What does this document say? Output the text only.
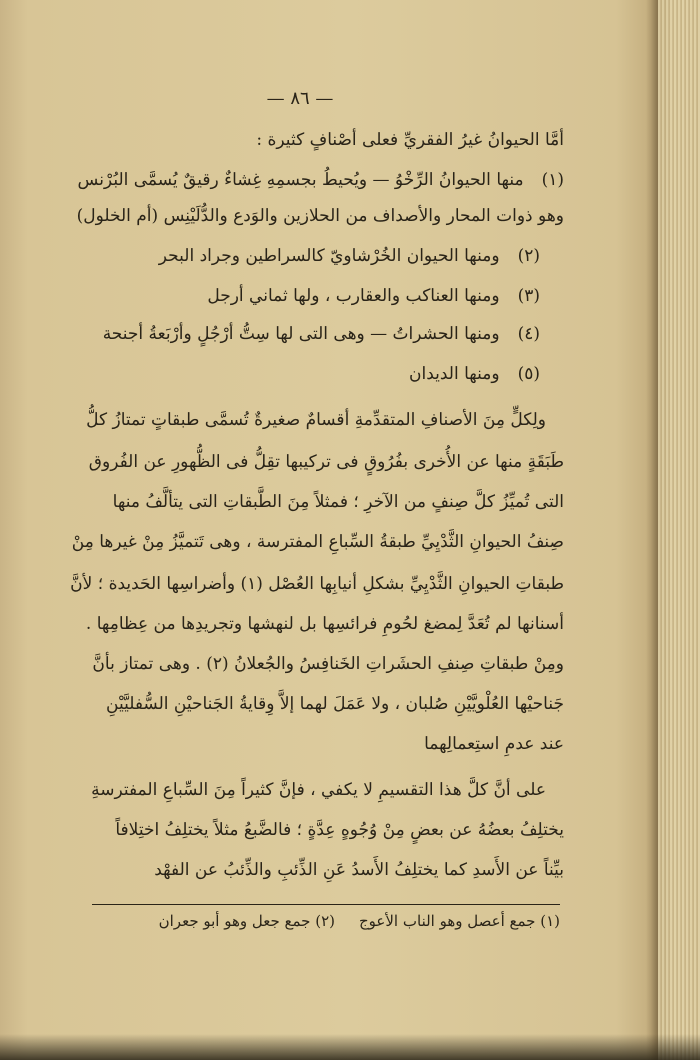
— ٨٦ —
أمَّا الحيوانُ غيرُ الفقريِّ فعلى أصْنافٍ كثيرة :
(١)منها الحيوانُ الرِّخْوُ — ويُحيطُ بجسمِهِ غِشاءٌ رقيقٌ يُسمَّى البُرْنس
وهو ذوات المحار والأصداف من الحلازين والوَدع والدُّلَيْنِس (أم الخلول)
(٢)ومنها الحيوان الخُرْشاويّ كالسراطين وجراد البحر
(٣)ومنها العناكب والعقارب ، ولها ثماني أرجل
(٤)ومنها الحشراتُ — وهى التى لها سِتُّ أرْجُلٍ وأرْبَعةُ أجنحة
(٥)ومنها الديدان
ولِكلٍّ مِنَ الأصنافِ المتقدِّمةِ أقسامٌ صغيرةٌ تُسمَّى طبقاتٍ تمتازُ كلُّ
طَبَقَةٍ منها عن الأُخرى بفُرُوقٍ فى تركيبها تقِلُّ فى الظُّهورِ عن الفُروق
التى تُميِّزُ كلَّ صِنفٍ من الآخرِ ؛ فمثلاً مِنَ الطَّبقاتِ التى يتألَّفُ منها
صِنفُ الحيوانِ الثَّدْيِيِّ طبقةُ السِّباعِ المفترسة ، وهى تَتميَّزُ مِنْ غيرها مِنْ
طبقاتِ الحيوانِ الثَّدْيِيِّ بشكلِ أنيابِها العُصْل (١) وأضراسِها الحَديدة ؛ لأنَّ
أسنانها لم تُعَدَّ لِمضغ لحُومِ فرائسِها بل لنهشها وتجريدِها من عِظامِها .
ومِنْ طبقاتِ صِنفِ الحشَراتِ الخَنافِسُ والجُعلانُ (٢) . وهى تمتاز بأنَّ
جَناحيْها العُلْويَّيْنِ صُلبان ، ولا عَمَلَ لهما إلاَّ وِقايةُ الجَناحيْنِ السُّفليَّيْنِ
عند عدمِ استِعمالِهما
على أنَّ كلَّ هذا التقسيمِ لا يكفي ، فإنَّ كثيراً مِنَ السِّباعِ المفترسةِ
يختلِفُ بعضُهُ عن بعضٍ مِنْ وُجُوهٍ عِدَّةٍ ؛ فالضَّبعُ مثلاً يختلِفُ اختِلافاً
بيِّناً عن الأَسدِ كما يختلِفُ الأَسدُ عَنِ الذِّئبِ والذِّئبُ عن الفهْد
(١) جمع أعصل وهو الناب الأعوج(٢) جمع جعل وهو أبو جعران
